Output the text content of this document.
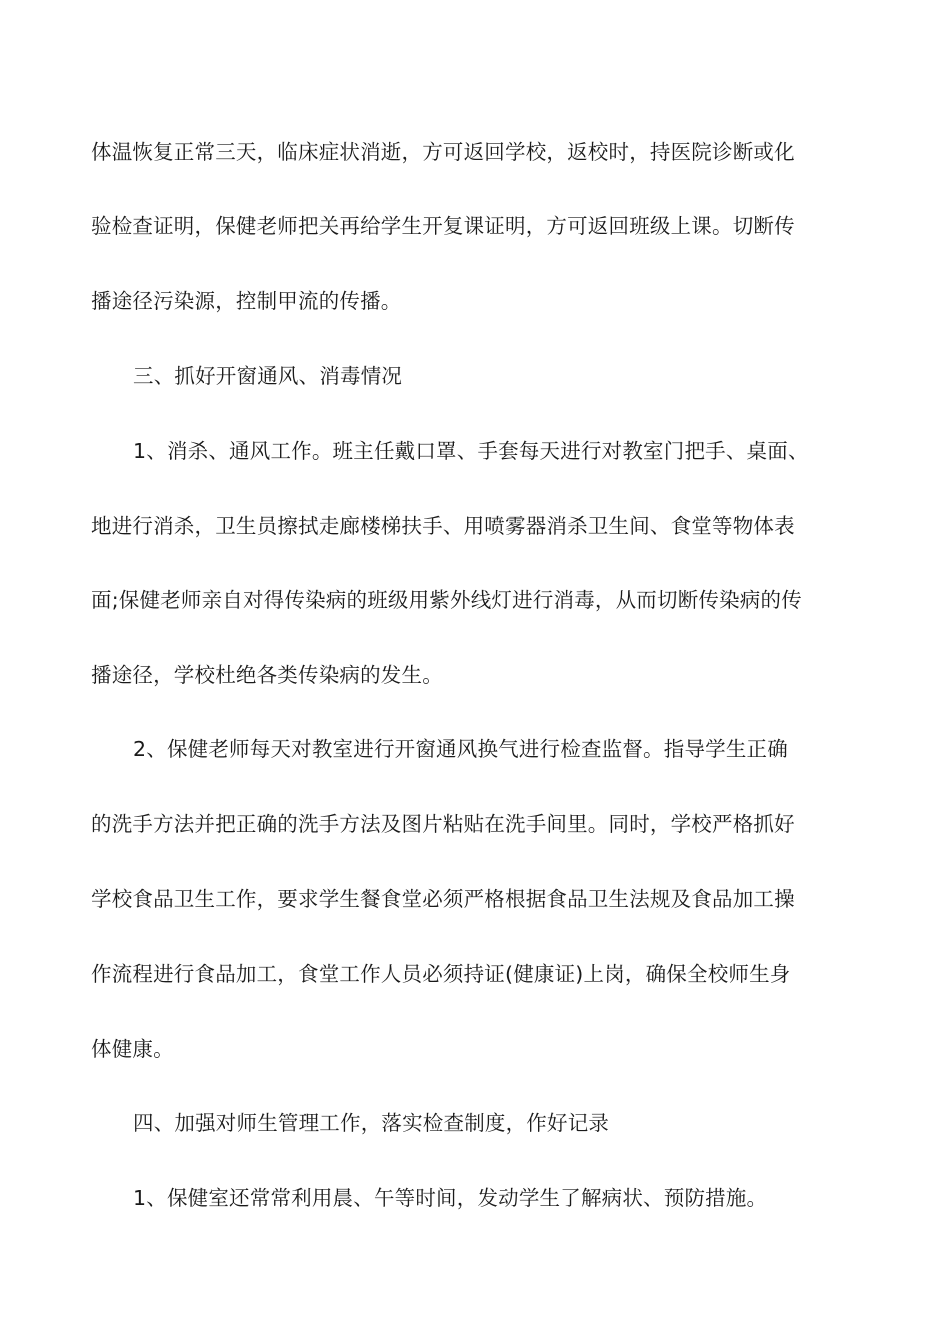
体温恢复正常三天，临床症状消逝，方可返回学校，返校时，持医院诊断或化
验检查证明，保健老师把关再给学生开复课证明，方可返回班级上课。切断传
播途径污染源，控制甲流的传播。
三、抓好开窗通风、消毒情况
1、消杀、通风工作。班主任戴口罩、手套每天进行对教室门把手、桌面、
地进行消杀，卫生员擦拭走廊楼梯扶手、用喷雾器消杀卫生间、食堂等物体表
面;保健老师亲自对得传染病的班级用紫外线灯进行消毒，从而切断传染病的传
播途径，学校杜绝各类传染病的发生。
2、保健老师每天对教室进行开窗通风换气进行检查监督。指导学生正确
的洗手方法并把正确的洗手方法及图片粘贴在洗手间里。同时，学校严格抓好
学校食品卫生工作，要求学生餐食堂必须严格根据食品卫生法规及食品加工操
作流程进行食品加工，食堂工作人员必须持证(健康证)上岗，确保全校师生身
体健康。
四、加强对师生管理工作，落实检查制度，作好记录
1、保健室还常常利用晨、午等时间，发动学生了解病状、预防措施。
